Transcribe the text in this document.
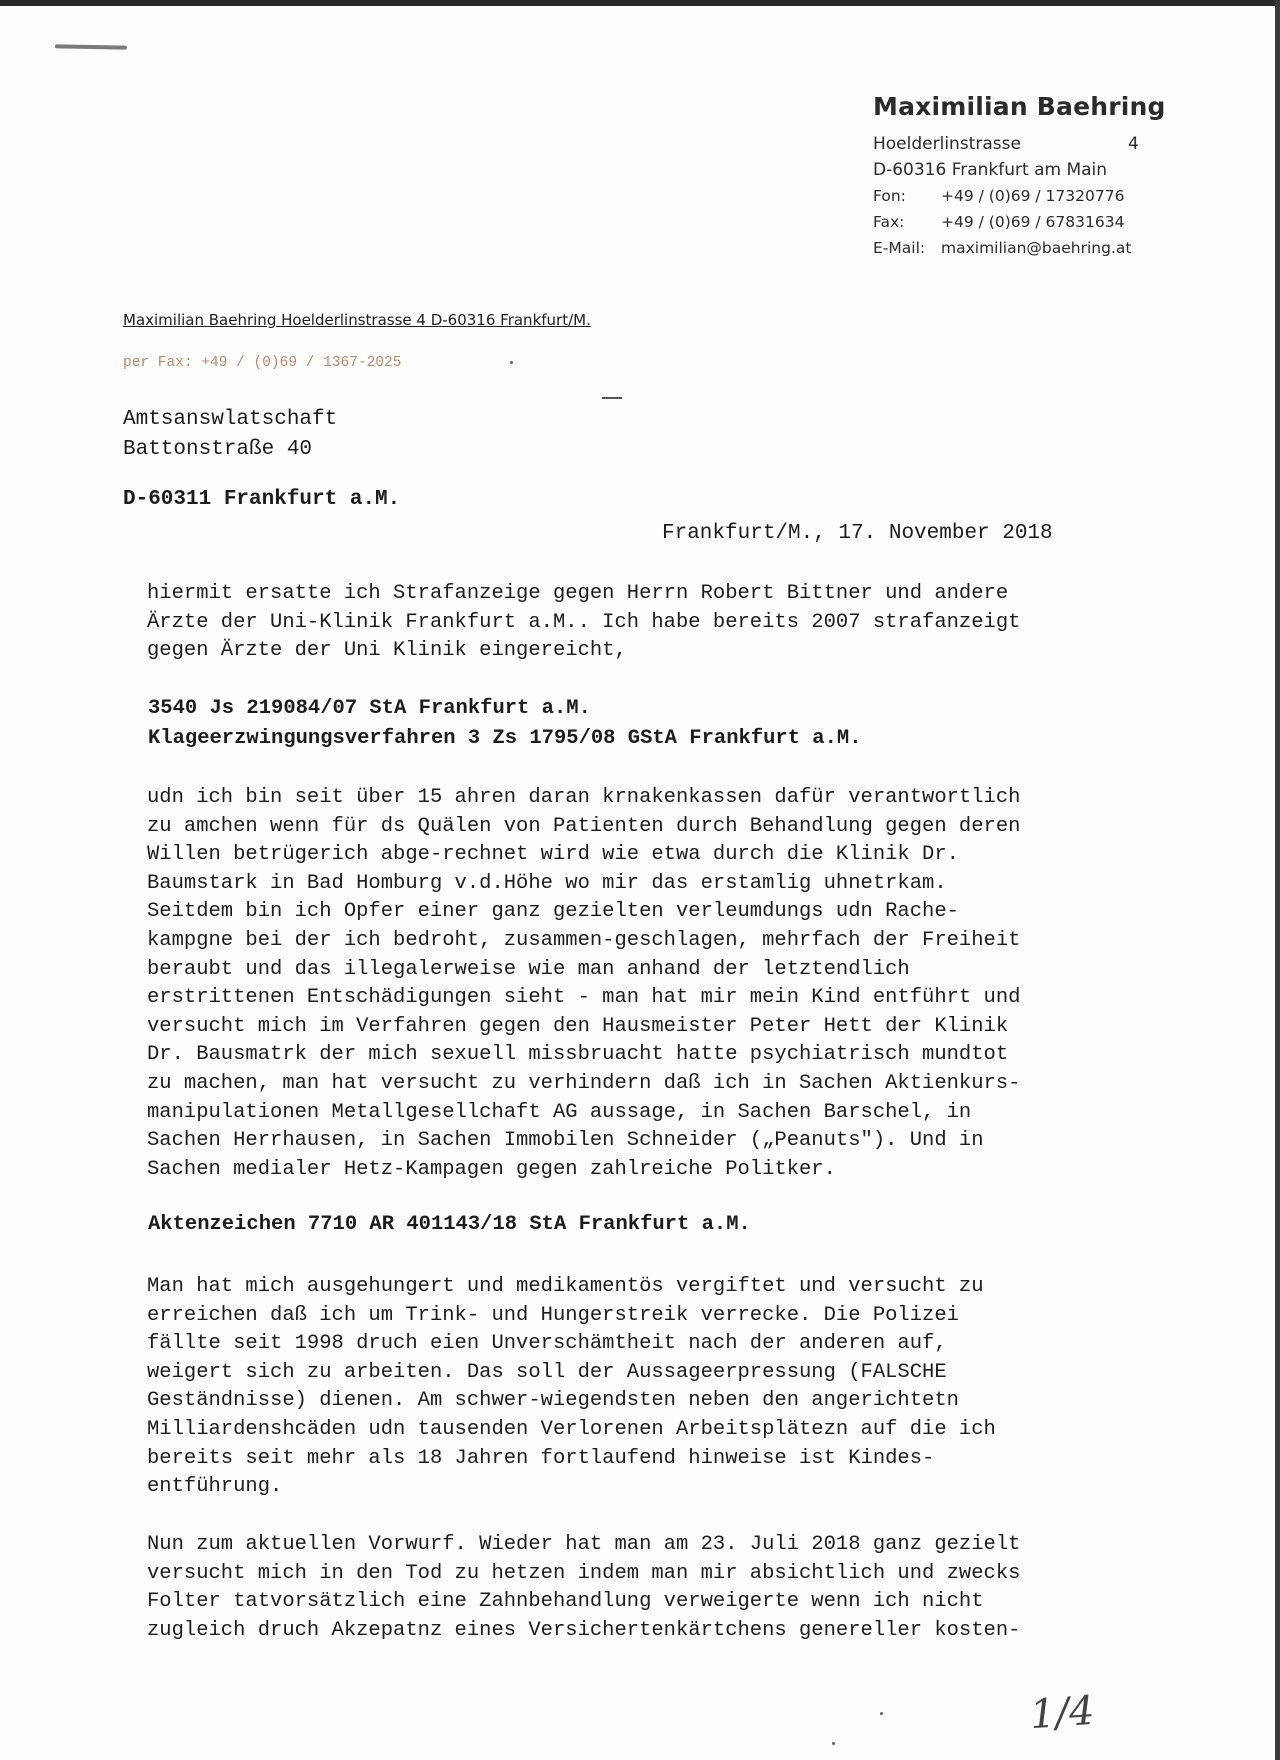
Maximilian Baehring
Hoelderlinstrasse	4
D-60316 Frankfurt am Main
Fon:	+49 / (0)69 / 17320776
Fax:	+49 / (0)69 / 67831634
E-Mail:	maximilian@baehring.at
Maximilian Baehring Hoelderlinstrasse 4 D-60316 Frankfurt/M.
per Fax: +49 / (0)69 / 1367-2025
Amtsanswlatschaft
Battonstraße 40
D-60311 Frankfurt a.M.
Frankfurt/M., 17. November 2018
hiermit ersatte ich Strafanzeige gegen Herrn Robert Bittner und andere
Ärzte der Uni-Klinik Frankfurt a.M.. Ich habe bereits 2007 strafanzeigt
gegen Ärzte der Uni Klinik eingereicht,
3540 Js 219084/07 StA Frankfurt a.M.
Klageerzwingungsverfahren 3 Zs 1795/08 GStA Frankfurt a.M.
udn ich bin seit über 15 ahren daran krnakenkassen dafür verantwortlich
zu amchen wenn für ds Quälen von Patienten durch Behandlung gegen deren
Willen betrügerich abge-rechnet wird wie etwa durch die Klinik Dr.
Baumstark in Bad Homburg v.d.Höhe wo mir das erstamlig uhnetrkam.
Seitdem bin ich Opfer einer ganz gezielten verleumdungs udn Rache-
kampgne bei der ich bedroht, zusammen-geschlagen, mehrfach der Freiheit
beraubt und das illegalerweise wie man anhand der letztendlich
erstrittenen Entschädigungen sieht - man hat mir mein Kind entführt und
versucht mich im Verfahren gegen den Hausmeister Peter Hett der Klinik
Dr. Bausmatrk der mich sexuell missbruacht hatte psychiatrisch mundtot
zu machen, man hat versucht zu verhindern daß ich in Sachen Aktienkurs-
manipulationen Metallgesellchaft AG aussage, in Sachen Barschel, in
Sachen Herrhausen, in Sachen Immobilen Schneider („Peanuts"). Und in
Sachen medialer Hetz-Kampagen gegen zahlreiche Politker.
Aktenzeichen 7710 AR 401143/18 StA Frankfurt a.M.
Man hat mich ausgehungert und medikamentös vergiftet und versucht zu
erreichen daß ich um Trink- und Hungerstreik verrecke. Die Polizei
fällte seit 1998 druch eien Unverschämtheit nach der anderen auf,
weigert sich zu arbeiten. Das soll der Aussageerpressung (FALSCHE
Geständnisse) dienen. Am schwer-wiegendsten neben den angerichtetn
Milliardenshcäden udn tausenden Verlorenen Arbeitsplätezn auf die ich
bereits seit mehr als 18 Jahren fortlaufend hinweise ist Kindes-
entführung.
Nun zum aktuellen Vorwurf. Wieder hat man am 23. Juli 2018 ganz gezielt
versucht mich in den Tod zu hetzen indem man mir absichtlich und zwecks
Folter tatvorsätzlich eine Zahnbehandlung verweigerte wenn ich nicht
zugleich druch Akzepatnz eines Versichertenkärtchens genereller kosten-
1/4
